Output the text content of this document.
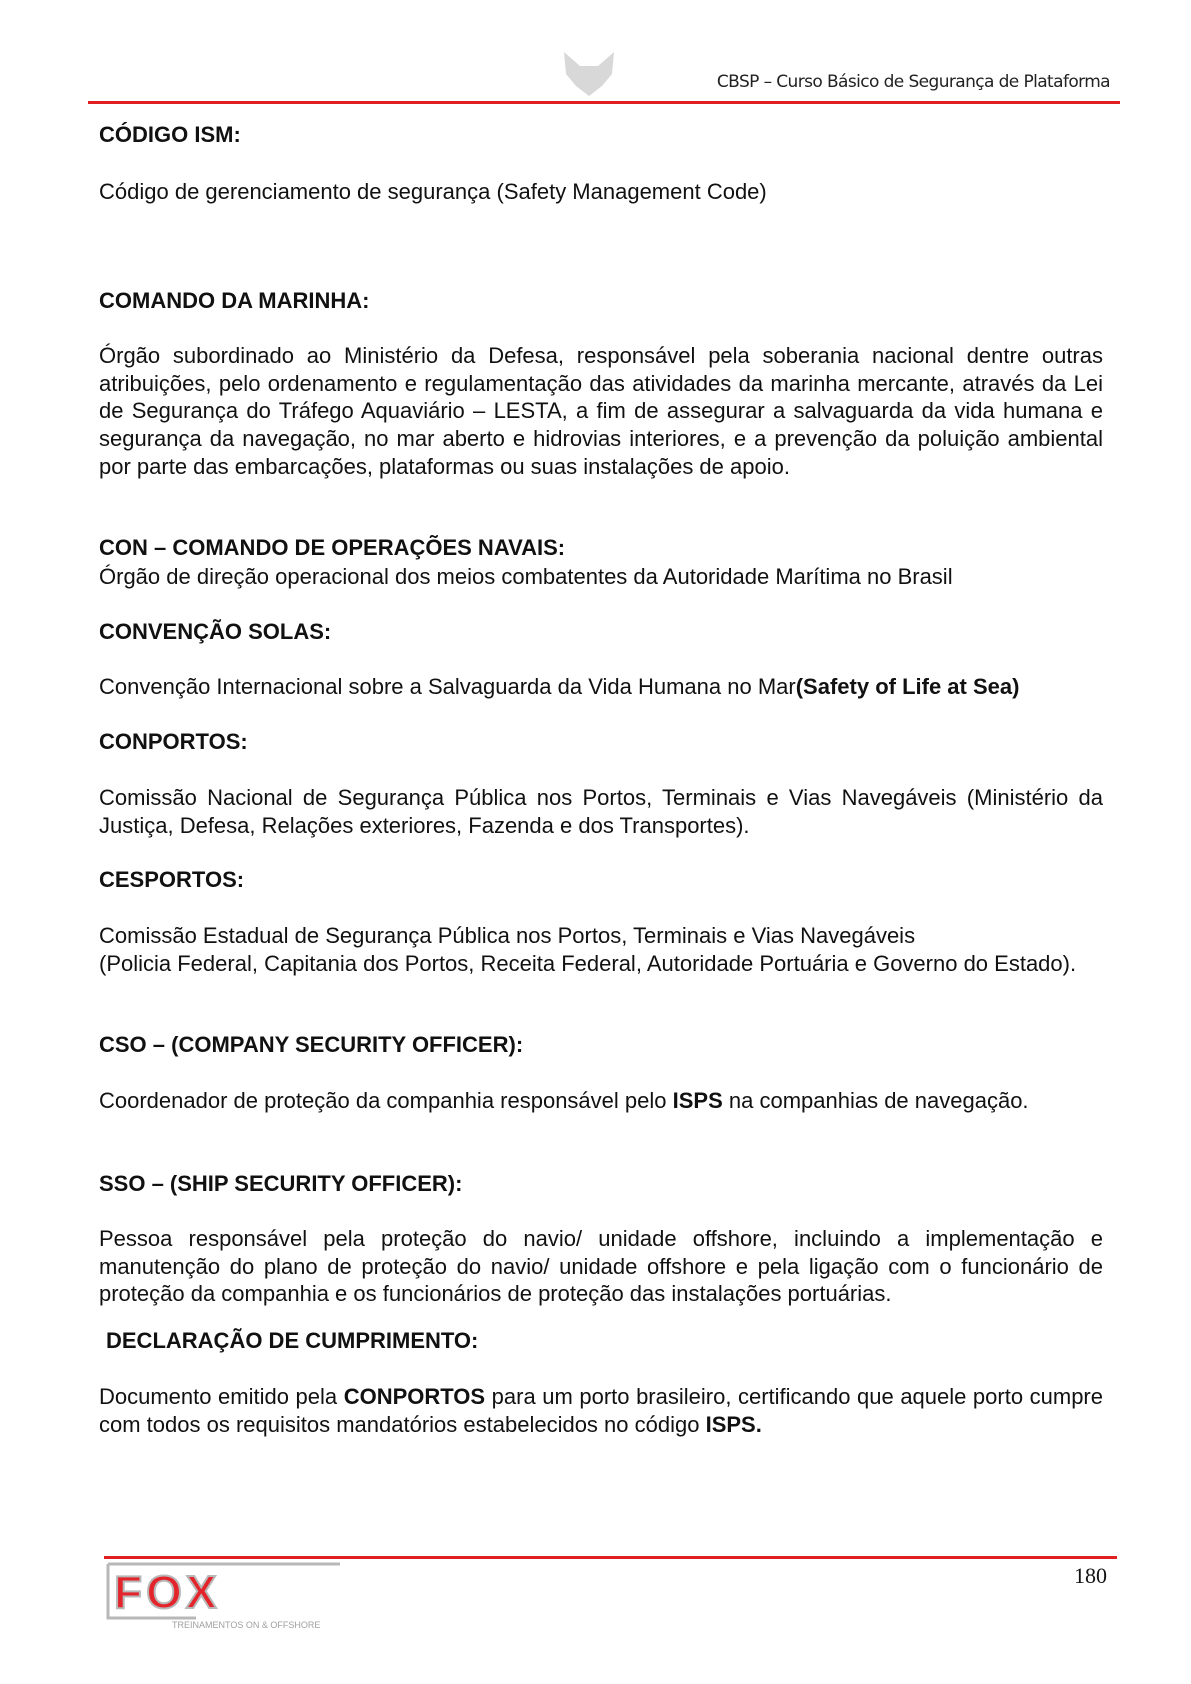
CBSP – Curso Básico de Segurança de Plataforma
CÓDIGO ISM:
Código de gerenciamento de segurança (Safety Management Code)
COMANDO DA MARINHA:
Órgão subordinado ao Ministério da Defesa, responsável pela soberania nacional dentre outras atribuições, pelo ordenamento e regulamentação das atividades da marinha mercante, através da Lei de Segurança do Tráfego Aquaviário – LESTA, a fim de assegurar a salvaguarda da vida humana e segurança da navegação, no mar aberto e hidrovias interiores, e a prevenção da poluição ambiental por parte das embarcações, plataformas ou suas instalações de apoio.
CON – COMANDO DE OPERAÇÕES NAVAIS:
Órgão de direção operacional dos meios combatentes da Autoridade Marítima no Brasil
CONVENÇÃO SOLAS:
Convenção Internacional sobre a Salvaguarda da Vida Humana no Mar(Safety of Life at Sea)
CONPORTOS:
Comissão Nacional de Segurança Pública nos Portos, Terminais e Vias Navegáveis (Ministério da Justiça, Defesa, Relações exteriores, Fazenda e dos Transportes).
CESPORTOS:
Comissão Estadual de Segurança Pública nos Portos, Terminais e Vias Navegáveis
(Policia Federal, Capitania dos Portos, Receita Federal, Autoridade Portuária e Governo do Estado).
CSO – (COMPANY SECURITY OFFICER):
Coordenador de proteção da companhia responsável pelo ISPS na companhias de navegação.
SSO – (SHIP SECURITY OFFICER):
Pessoa responsável pela proteção do navio/ unidade offshore, incluindo a implementação e manutenção do plano de proteção do navio/ unidade offshore e pela ligação com o funcionário de proteção da companhia e os funcionários de proteção das instalações portuárias.
DECLARAÇÃO DE CUMPRIMENTO:
Documento emitido pela CONPORTOS para um porto brasileiro, certificando que aquele porto cumpre com todos os requisitos mandatórios estabelecidos no código ISPS.
FOX
TREINAMENTOS ON & OFFSHORE
180
